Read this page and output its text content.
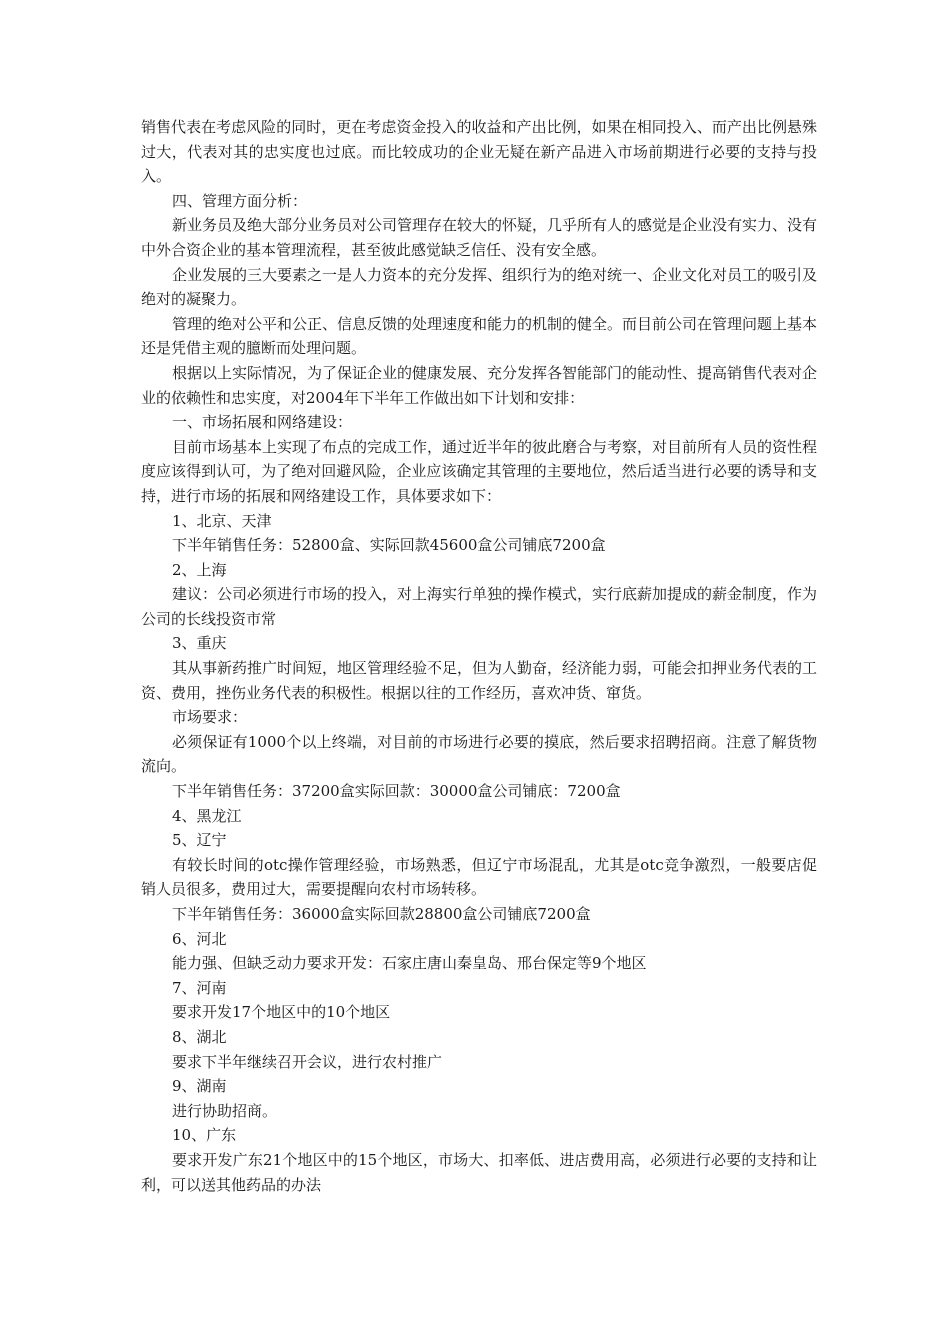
销售代表在考虑风险的同时，更在考虑资金投入的收益和产出比例，如果在相同投入、而产出比例悬殊过大，代表对其的忠实度也过底。而比较成功的企业无疑在新产品进入市场前期进行必要的支持与投入。

四、管理方面分析：

新业务员及绝大部分业务员对公司管理存在较大的怀疑，几乎所有人的感觉是企业没有实力、没有中外合资企业的基本管理流程，甚至彼此感觉缺乏信任、没有安全感。

企业发展的三大要素之一是人力资本的充分发挥、组织行为的绝对统一、企业文化对员工的吸引及绝对的凝聚力。

管理的绝对公平和公正、信息反馈的处理速度和能力的机制的健全。而目前公司在管理问题上基本还是凭借主观的臆断而处理问题。

根据以上实际情况，为了保证企业的健康发展、充分发挥各智能部门的能动性、提高销售代表对企业的依赖性和忠实度，对2004年下半年工作做出如下计划和安排：

一、市场拓展和网络建设：

目前市场基本上实现了布点的完成工作，通过近半年的彼此磨合与考察，对目前所有人员的资性程度应该得到认可，为了绝对回避风险，企业应该确定其管理的主要地位，然后适当进行必要的诱导和支持，进行市场的拓展和网络建设工作，具体要求如下：

1、北京、天津

下半年销售任务：52800盒、实际回款45600盒公司铺底7200盒

2、上海

建议：公司必须进行市场的投入，对上海实行单独的操作模式，实行底薪加提成的薪金制度，作为公司的长线投资市常

3、重庆

其从事新药推广时间短，地区管理经验不足，但为人勤奋，经济能力弱，可能会扣押业务代表的工资、费用，挫伤业务代表的积极性。根据以往的工作经历，喜欢冲货、窜货。

市场要求：

必须保证有1000个以上终端，对目前的市场进行必要的摸底，然后要求招聘招商。注意了解货物流向。

下半年销售任务：37200盒实际回款：30000盒公司铺底：7200盒

4、黑龙江

5、辽宁

有较长时间的otc操作管理经验，市场熟悉，但辽宁市场混乱，尤其是otc竞争激烈，一般要店促销人员很多，费用过大，需要提醒向农村市场转移。

下半年销售任务：36000盒实际回款28800盒公司铺底7200盒

6、河北

能力强、但缺乏动力要求开发：石家庄唐山秦皇岛、邢台保定等9个地区

7、河南

要求开发17个地区中的10个地区

8、湖北

要求下半年继续召开会议，进行农村推广

9、湖南

进行协助招商。

10、广东

要求开发广东21个地区中的15个地区，市场大、扣率低、进店费用高，必须进行必要的支持和让利，可以送其他药品的办法
